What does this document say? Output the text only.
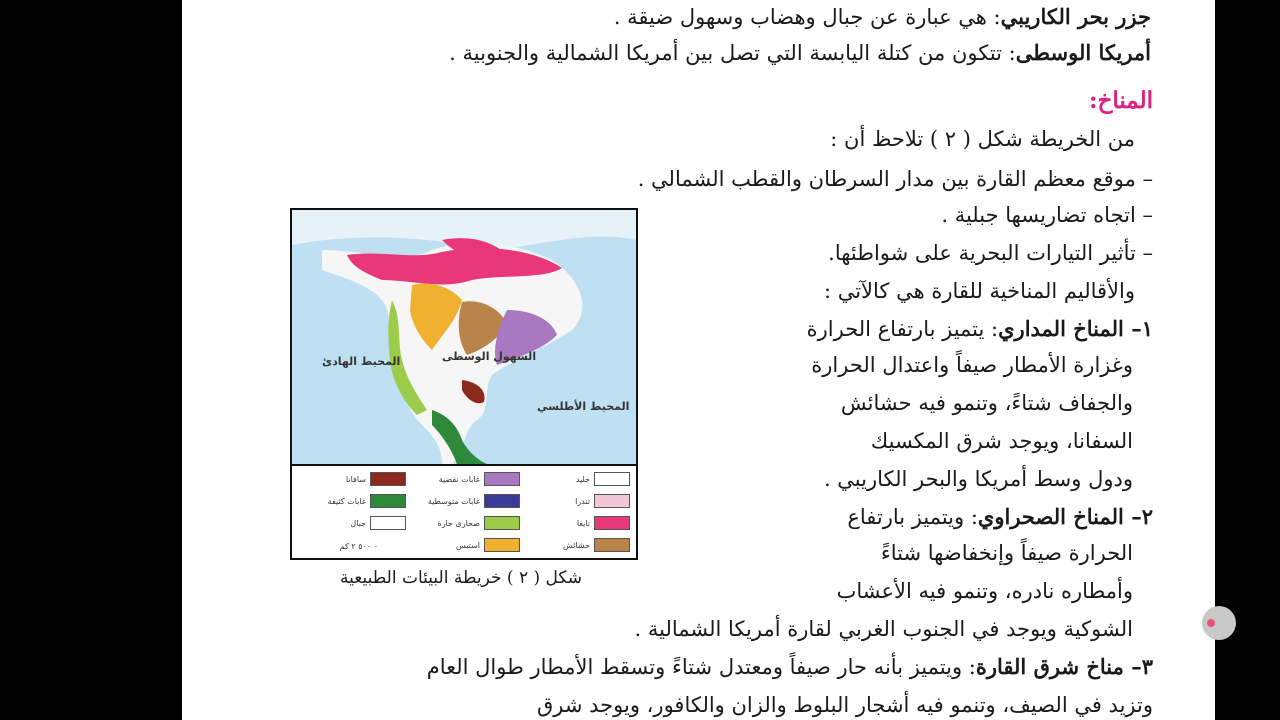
جزر بحر الكاريبي: هي عبارة عن جبال وهضاب وسهول ضيقة .
أمريكا الوسطى: تتكون من كتلة اليابسة التي تصل بين أمريكا الشمالية والجنوبية .
المناخ:
من الخريطة شكل ( ٢ ) تلاحظ أن :
– موقع معظم القارة بين مدار السرطان والقطب الشمالي .
– اتجاه تضاريسها جبلية .
– تأثير التيارات البحرية على شواطئها.
والأقاليم المناخية للقارة هي كالآتي :
١– المناخ المداري: يتميز بارتفاع الحرارة
وغزارة الأمطار صيفاً واعتدال الحرارة
والجفاف شتاءً، وتنمو فيه حشائش
السفانا، ويوجد شرق المكسيك
ودول وسط أمريكا والبحر الكاريبي .
٢– المناخ الصحراوي: ويتميز بارتفاع
الحرارة صيفاً وإنخفاضها شتاءً
وأمطاره نادره، وتنمو فيه الأعشاب
الشوكية ويوجد في الجنوب الغربي لقارة أمريكا الشمالية .
٣– مناخ شرق القارة: ويتميز بأنه حار صيفاً ومعتدل شتاءً وتسقط الأمطار طوال العام
وتزيد في الصيف، وتنمو فيه أشجار البلوط والزان والكافور، ويوجد شرق
المحيط الهادئ
المحيط الأطلسي
السهول الوسطى
جليد
غابات نفضية
سافانا
تندرا
غابات متوسطية
غابات كثيفة
تايغا
صحارى حارة
جبال
حشائش
استبس
٠ ٥٠٠ ٢ كم
شكل ( ٢ ) خريطة البيئات الطبيعية
